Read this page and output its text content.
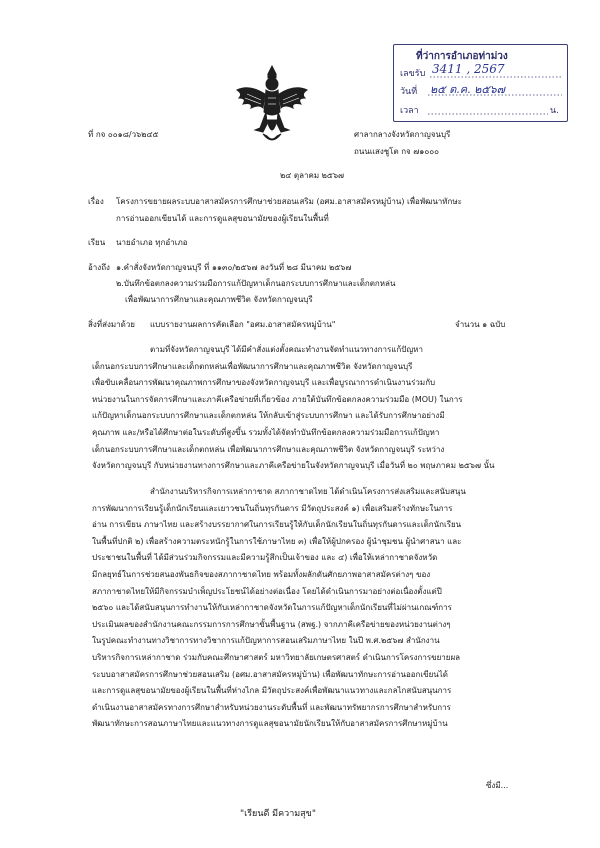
ที่ว่าการอำเภอท่าม่วง
เลขรับ 3411 , 2567
วันที่ ๒๕ ต.ค. ๒๕๖๗
เวลา	น.
ที่ กจ ๐๐๑๘/ว๖๒๔๕	ศาลากลางจังหวัดกาญจนบุรี
ถนนแสงชูโต กจ ๗๑๐๐๐
๒๔ ตุลาคม ๒๕๖๗
เรื่อง โครงการขยายผลระบบอาสาสมัครการศึกษาช่วยสอนเสริม (อศม.อาสาสมัครหมู่บ้าน) เพื่อพัฒนาทักษะ
การอ่านออกเขียนได้ และการดูแลสุขอนามัยของผู้เรียนในพื้นที่
เรียน นายอำเภอ ทุกอำเภอ
อ้างถึง ๑.คำสั่งจังหวัดกาญจนบุรี ที่ ๑๑๓๐/๒๕๖๗ ลงวันที่ ๒๘ มีนาคม ๒๕๖๗
๒.บันทึกข้อตกลงความร่วมมือการแก้ปัญหาเด็กนอกระบบการศึกษาและเด็กตกหล่น
เพื่อพัฒนาการศึกษาและคุณภาพชีวิต จังหวัดกาญจนบุรี
สิ่งที่ส่งมาด้วย แบบรายงานผลการคัดเลือก "อศม.อาสาสมัครหมู่บ้าน"	จำนวน ๑ ฉบับ

ตามที่จังหวัดกาญจนบุรี ได้มีคำสั่งแต่งตั้งคณะทำงานจัดทำแนวทางการแก้ปัญหา

เด็กนอกระบบการศึกษาและเด็กตกหล่นเพื่อพัฒนาการศึกษาและคุณภาพชีวิต จังหวัดกาญจนบุรี

เพื่อขับเคลื่อนการพัฒนาคุณภาพการศึกษาของจังหวัดกาญจนบุรี และเพื่อบูรณาการดำเนินงานร่วมกับ

หน่วยงานในการจัดการศึกษาและภาคีเครือข่ายที่เกี่ยวข้อง ภายใต้บันทึกข้อตกลงความร่วมมือ (MOU) ในการ

แก้ปัญหาเด็กนอกระบบการศึกษาและเด็กตกหล่น ให้กลับเข้าสู่ระบบการศึกษา และได้รับการศึกษาอย่างมี

คุณภาพ และ/หรือได้ศึกษาต่อในระดับที่สูงขึ้น รวมทั้งได้จัดทำบันทึกข้อตกลงความร่วมมือการแก้ปัญหา

เด็กนอกระบบการศึกษาและเด็กตกหล่น เพื่อพัฒนาการศึกษาและคุณภาพชีวิต จังหวัดกาญจนบุรี ระหว่าง

จังหวัดกาญจนบุรี กับหน่วยงานทางการศึกษาและภาคีเครือข่ายในจังหวัดกาญจนบุรี เมื่อวันที่ ๒๐ พฤษภาคม ๒๕๖๗ นั้น

สำนักงานบริหารกิจการเหล่ากาชาด สภากาชาดไทย ได้ดำเนินโครงการส่งเสริมและสนับสนุน

การพัฒนาการเรียนรู้เด็กนักเรียนและเยาวชนในถิ่นทุรกันดาร มีวัตถุประสงค์ ๑) เพื่อเสริมสร้างทักษะในการ

อ่าน การเขียน ภาษาไทย และสร้างบรรยากาศในการเรียนรู้ให้กับเด็กนักเรียนในถิ่นทุรกันดารและเด็กนักเรียน

ในพื้นที่ปกติ ๒) เพื่อสร้างความตระหนักรู้ในการใช้ภาษาไทย ๓) เพื่อให้ผู้ปกครอง ผู้นำชุมชน ผู้นำศาสนา และ

ประชาชนในพื้นที่ ได้มีส่วนร่วมกิจกรรมและมีความรู้สึกเป็นเจ้าของ และ ๔) เพื่อให้เหล่ากาชาดจังหวัด

มีกลยุทธ์ในการช่วยสนองพันธกิจของสภากาชาดไทย พร้อมทั้งผลักดันศักยภาพอาสาสมัครต่างๆ ของ

สภากาชาดไทยให้มีกิจกรรมบำเพ็ญประโยชน์ได้อย่างต่อเนื่อง โดยได้ดำเนินการมาอย่างต่อเนื่องตั้งแต่ปี

๒๕๖๐ และได้สนับสนุนการทำงานให้กับเหล่ากาชาดจังหวัดในการแก้ปัญหาเด็กนักเรียนที่ไม่ผ่านเกณฑ์การ

ประเมินผลของสำนักงานคณะกรรมการการศึกษาขั้นพื้นฐาน (สพฐ.) จากภาคีเครือข่ายของหน่วยงานต่างๆ

ในรูปคณะทำงานทางวิชาการทางวิชาการแก้ปัญหาการสอนเสริมภาษาไทย ในปี พ.ศ.๒๕๖๗ สำนักงาน

บริหารกิจการเหล่ากาชาด ร่วมกับคณะศึกษาศาสตร์ มหาวิทยาลัยเกษตรศาสตร์ ดำเนินการโครงการขยายผล

ระบบอาสาสมัครการศึกษาช่วยสอนเสริม (อศม.อาสาสมัครหมู่บ้าน) เพื่อพัฒนาทักษะการอ่านออกเขียนได้

และการดูแลสุขอนามัยของผู้เรียนในพื้นที่ห่างไกล มีวัตถุประสงค์เพื่อพัฒนาแนวทางและกลไกสนับสนุนการ

ดำเนินงานอาสาสมัครทางการศึกษาสำหรับหน่วยงานระดับพื้นที่ และพัฒนาทรัพยากรการศึกษาสำหรับการ

พัฒนาทักษะการสอนภาษาไทยและแนวทางการดูแลสุขอนามัยนักเรียนให้กับอาสาสมัครการศึกษาหมู่บ้าน

ซึ่งมี...
"เรียนดี มีความสุข"
